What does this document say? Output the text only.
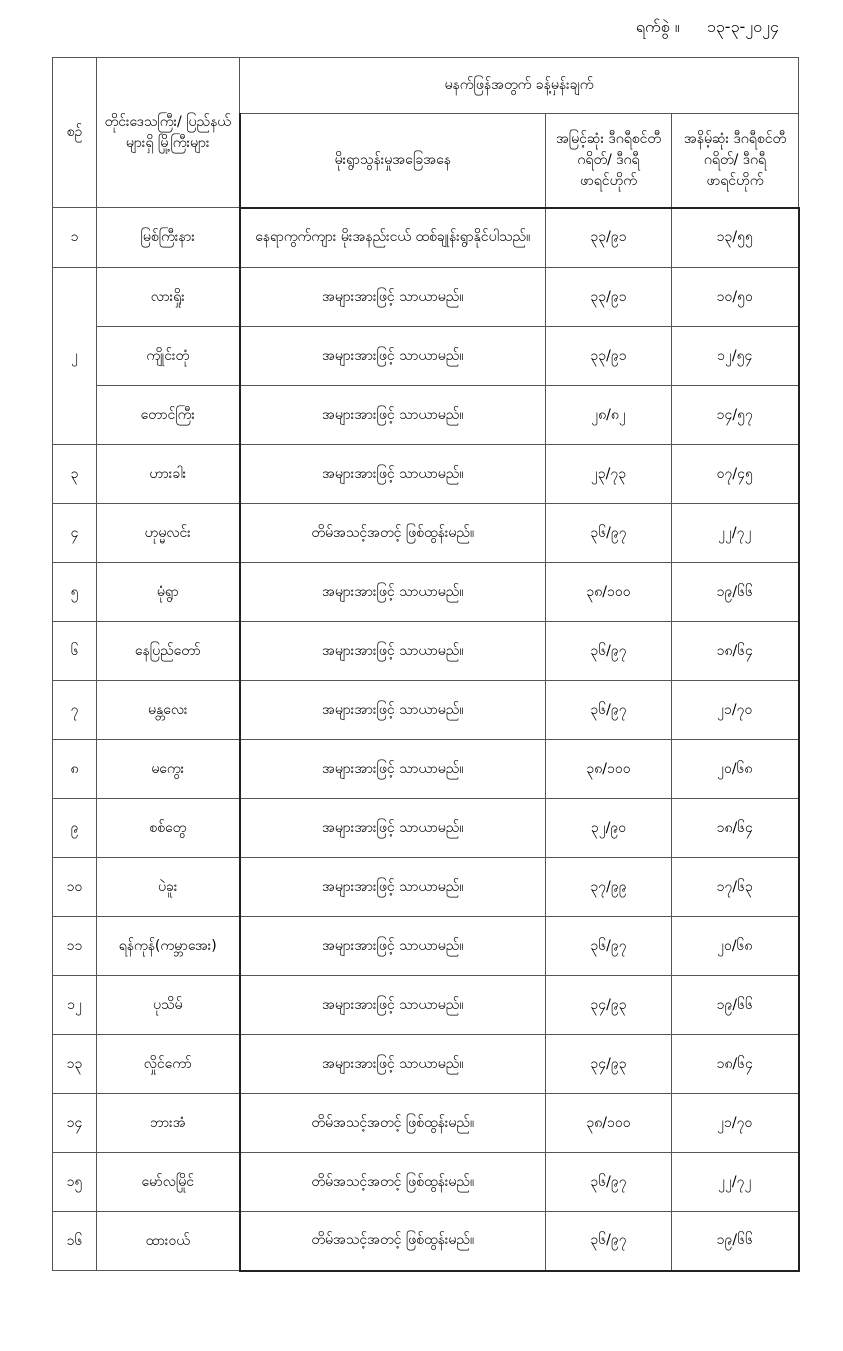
ရက်စွဲ ။ ၁၃-၃-၂၀၂၄
စဉ်	တိုင်းဒေသကြီး/ ပြည်နယ်များရှိ မြို့ကြီးများ	မနက်ဖြန်အတွက် ခန့်မှန်းချက်		
		မိုးရွာသွန်းမှုအခြေအနေ	အမြင့်ဆုံး ဒီဂရီစင်တီဂရိတ်/ ဒီဂရီဖာရင်ဟိုက်	အနိမ့်ဆုံး ဒီဂရီစင်တီဂရိတ်/ ဒီဂရီဖာရင်ဟိုက်
၁	မြစ်ကြီးနား	နေရာကွက်ကျား မိုးအနည်းငယ် ထစ်ချုန်းရွာနိုင်ပါသည်။	၃၃/၉၁	၁၃/၅၅
၂	လားရှိုး	အများအားဖြင့် သာယာမည်။	၃၃/၉၁	၁၀/၅၀
	ကျိုင်းတုံ	အများအားဖြင့် သာယာမည်။	၃၃/၉၁	၁၂/၅၄
	တောင်ကြီး	အများအားဖြင့် သာယာမည်။	၂၈/၈၂	၁၄/၅၇
၃	ဟားခါး	အများအားဖြင့် သာယာမည်။	၂၃/၇၃	၀၇/၄၅
၄	ဟုမ္မလင်း	တိမ်အသင့်အတင့် ဖြစ်ထွန်းမည်။	၃၆/၉၇	၂၂/၇၂
၅	မုံရွာ	အများအားဖြင့် သာယာမည်။	၃၈/၁၀၀	၁၉/၆၆
၆	နေပြည်တော်	အများအားဖြင့် သာယာမည်။	၃၆/၉၇	၁၈/၆၄
၇	မန္တလေး	အများအားဖြင့် သာယာမည်။	၃၆/၉၇	၂၁/၇၀
၈	မကွေး	အများအားဖြင့် သာယာမည်။	၃၈/၁၀၀	၂၀/၆၈
၉	စစ်တွေ	အများအားဖြင့် သာယာမည်။	၃၂/၉၀	၁၈/၆၄
၁၀	ပဲခူး	အများအားဖြင့် သာယာမည်။	၃၇/၉၉	၁၇/၆၃
၁၁	ရန်ကုန်(ကမ္ဘာအေး)	အများအားဖြင့် သာယာမည်။	၃၆/၉၇	၂၀/၆၈
၁၂	ပုသိမ်	အများအားဖြင့် သာယာမည်။	၃၄/၉၃	၁၉/၆၆
၁၃	လှိုင်ကော်	အများအားဖြင့် သာယာမည်။	၃၄/၉၃	၁၈/၆၄
၁၄	ဘားအံ	တိမ်အသင့်အတင့် ဖြစ်ထွန်းမည်။	၃၈/၁၀၀	၂၁/၇၀
၁၅	မော်လမြိုင်	တိမ်အသင့်အတင့် ဖြစ်ထွန်းမည်။	၃၆/၉၇	၂၂/၇၂
၁၆	ထားဝယ်	တိမ်အသင့်အတင့် ဖြစ်ထွန်းမည်။	၃၆/၉၇	၁၉/၆၆
